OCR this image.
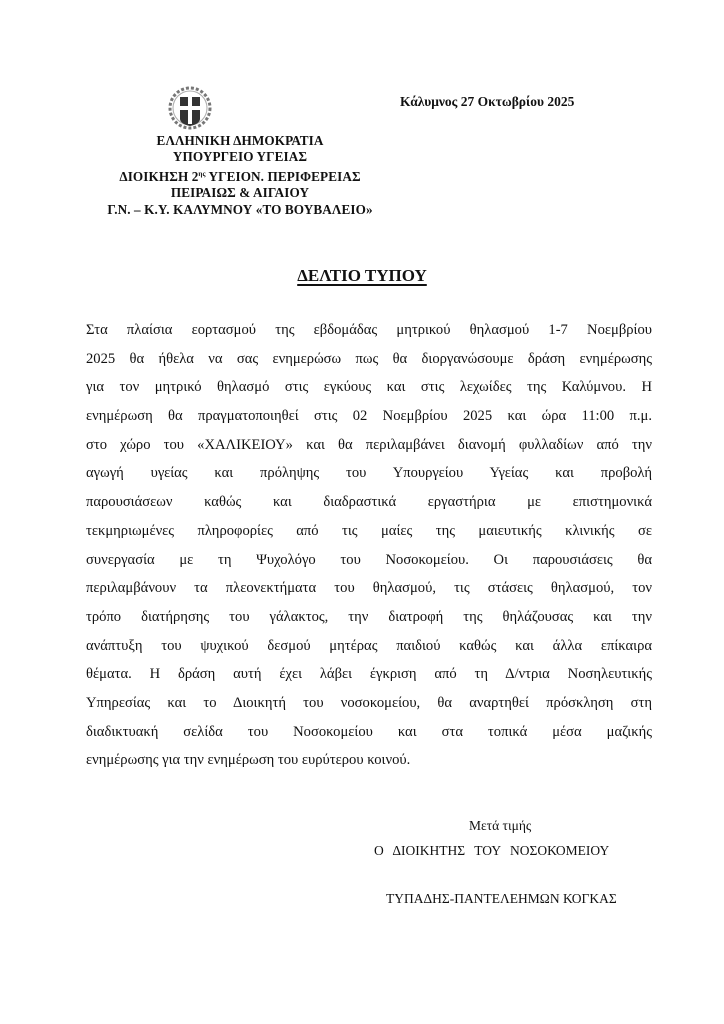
ΕΛΛΗΝΙΚΗ ΔΗΜΟΚΡΑΤΙΑ
ΥΠΟΥΡΓΕΙΟ ΥΓΕΙΑΣ
ΔΙΟΙΚΗΣΗ $2^{\eta\varsigma}$ ΥΓΕΙΟΝ. ΠΕΡΙΦΕΡΕΙΑΣ
ΠΕΙΡΑΙΩΣ & ΑΙΓΑΙΟΥ
Γ.Ν. – Κ.Υ. ΚΑΛΥΜΝΟΥ «ΤΟ ΒΟΥΒΑΛΕΙΟ»
Κάλυμνος 27 Οκτωβρίου 2025
ΔΕΛΤΙΟ ΤΥΠΟΥ
Στα πλαίσια εορτασμού της εβδομάδας μητρικού θηλασμού 1-7 Νοεμβρίου
2025 θα ήθελα να σας ενημερώσω πως θα διοργανώσουμε δράση ενημέρωσης
για τον μητρικό θηλασμό στις εγκύους και στις λεχωίδες της Καλύμνου. Η
ενημέρωση θα πραγματοποιηθεί στις 02 Νοεμβρίου 2025 και ώρα 11:00 π.μ.
στο χώρο του «ΧΑΛΙΚΕΙΟΥ» και θα περιλαμβάνει διανομή φυλλαδίων από την
αγωγή υγείας και πρόληψης του Υπουργείου Υγείας και προβολή
παρουσιάσεων καθώς και διαδραστικά εργαστήρια με επιστημονικά
τεκμηριωμένες πληροφορίες από τις μαίες της μαιευτικής κλινικής σε
συνεργασία με τη Ψυχολόγο του Νοσοκομείου. Οι παρουσιάσεις θα
περιλαμβάνουν τα πλεονεκτήματα του θηλασμού, τις στάσεις θηλασμού, τον
τρόπο διατήρησης του γάλακτος, την διατροφή της θηλάζουσας και την
ανάπτυξη του ψυχικού δεσμού μητέρας παιδιού καθώς και άλλα επίκαιρα
θέματα. Η δράση αυτή έχει λάβει έγκριση από τη Δ/ντρια Νοσηλευτικής
Υπηρεσίας και το Διοικητή του νοσοκομείου, θα αναρτηθεί πρόσκληση στη
διαδικτυακή σελίδα του Νοσοκομείου και στα τοπικά μέσα μαζικής
ενημέρωσης για την ενημέρωση του ευρύτερου κοινού.
Μετά τιμής
Ο ΔΙΟΙΚΗΤΗΣ ΤΟΥ ΝΟΣΟΚΟΜΕΙΟΥ
ΤΥΠΑΔΗΣ-ΠΑΝΤΕΛΕΗΜΩΝ ΚΟΓΚΑΣ
